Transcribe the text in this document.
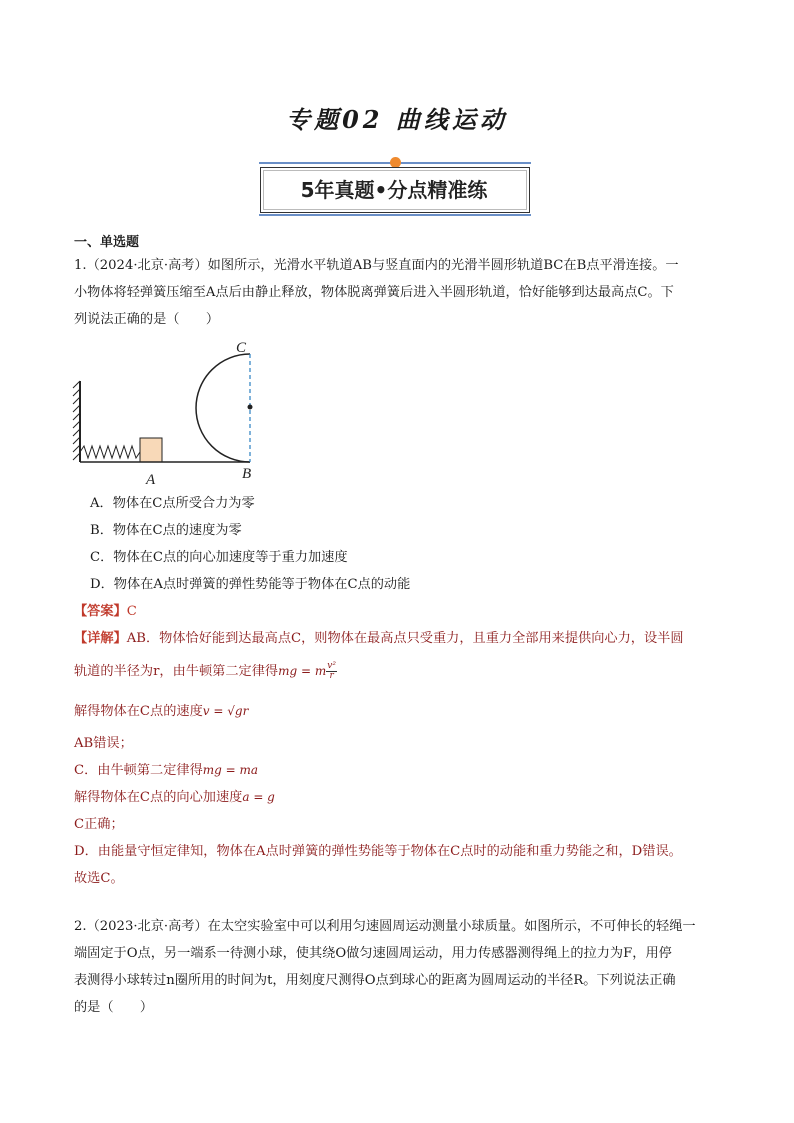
专题02 曲线运动
5年真题•分点精准练
一、单选题
1.（2024·北京·高考）如图所示，光滑水平轨道AB与竖直面内的光滑半圆形轨道BC在B点平滑连接。一
小物体将轻弹簧压缩至A点后由静止释放，物体脱离弹簧后进入半圆形轨道，恰好能够到达最高点C。下
列说法正确的是（　　）
A	B
C
A．物体在C点所受合力为零
B．物体在C点的速度为零
C．物体在C点的向心加速度等于重力加速度
D．物体在A点时弹簧的弹性势能等于物体在C点的动能
【答案】C
【详解】AB．物体恰好能到达最高点C，则物体在最高点只受重力，且重力全部用来提供向心力，设半圆
轨道的半径为r，由牛顿第二定律得mg = m $\frac{\text{v²}}{r}$
解得物体在C点的速度v = √gr
AB错误；
C．由牛顿第二定律得mg = ma
解得物体在C点的向心加速度a = g
C正确；
D．由能量守恒定律知，物体在A点时弹簧的弹性势能等于物体在C点时的动能和重力势能之和，D错误。
故选C。
2.（2023·北京·高考）在太空实验室中可以利用匀速圆周运动测量小球质量。如图所示，不可伸长的轻绳一
端固定于O点，另一端系一待测小球，使其绕O做匀速圆周运动，用力传感器测得绳上的拉力为F，用停
表测得小球转过n圈所用的时间为t，用刻度尺测得O点到球心的距离为圆周运动的半径R。下列说法正确
的是（　　）
